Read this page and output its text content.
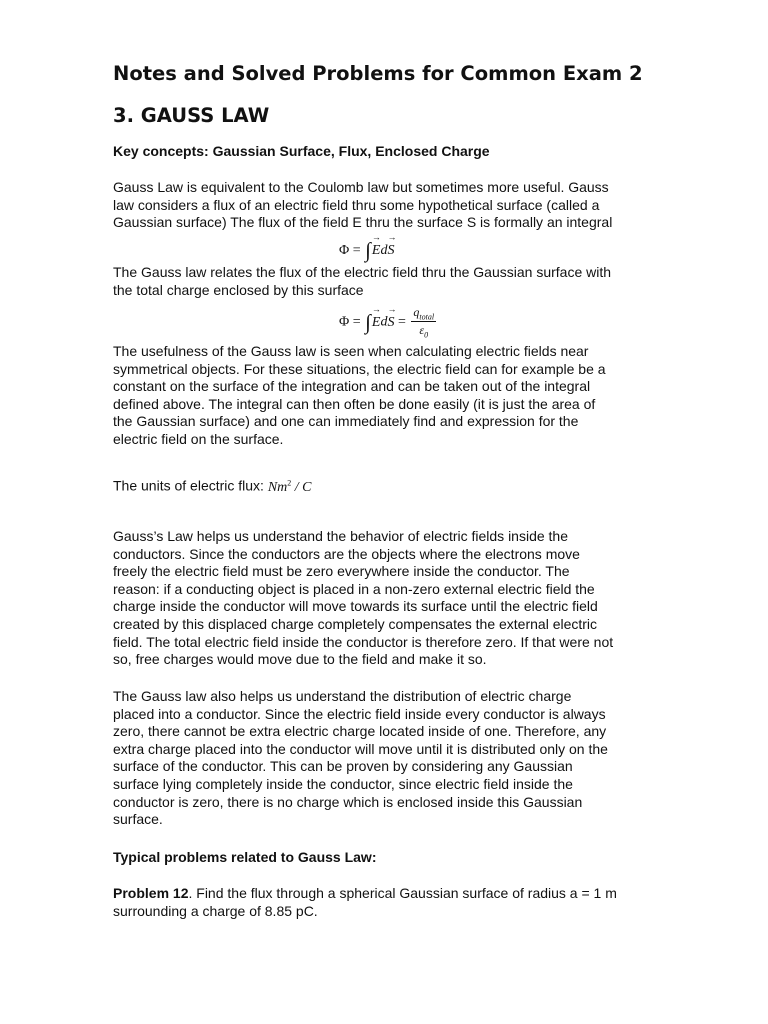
Notes and Solved Problems for Common Exam 2
3. GAUSS LAW

Key concepts: Gaussian Surface, Flux, Enclosed Charge

Gauss Law is equivalent to the Coulomb law but sometimes more useful. Gauss
law considers a flux of an electric field thru some hypothetical surface (called a
Gaussian surface) The flux of the field E thru the surface S is formally an integral

Φ = ∫→ Ed→ S

The Gauss law relates the flux of the electric field thru the Gaussian surface with
the total charge enclosed by this surface

Φ = ∫→ $Ed\to S = \frac{q_{total}}{\varepsilon_0}$

The usefulness of the Gauss law is seen when calculating electric fields near
symmetrical objects. For these situations, the electric field can for example be a
constant on the surface of the integration and can be taken out of the integral
defined above. The integral can then often be done easily (it is just the area of
the Gaussian surface) and one can immediately find and expression for the
electric field on the surface.

The units of electric flux: Nm$^2$ / C

Gauss’s Law helps us understand the behavior of electric fields inside the
conductors. Since the conductors are the objects where the electrons move
freely the electric field must be zero everywhere inside the conductor. The
reason: if a conducting object is placed in a non-zero external electric field the
charge inside the conductor will move towards its surface until the electric field
created by this displaced charge completely compensates the external electric
field. The total electric field inside the conductor is therefore zero. If that were not
so, free charges would move due to the field and make it so.

The Gauss law also helps us understand the distribution of electric charge
placed into a conductor. Since the electric field inside every conductor is always
zero, there cannot be extra electric charge located inside of one. Therefore, any
extra charge placed into the conductor will move until it is distributed only on the
surface of the conductor. This can be proven by considering any Gaussian
surface lying completely inside the conductor, since electric field inside the
conductor is zero, there is no charge which is enclosed inside this Gaussian
surface.

Typical problems related to Gauss Law:

Problem 12. Find the flux through a spherical Gaussian surface of radius a = 1 m
surrounding a charge of 8.85 pC.
